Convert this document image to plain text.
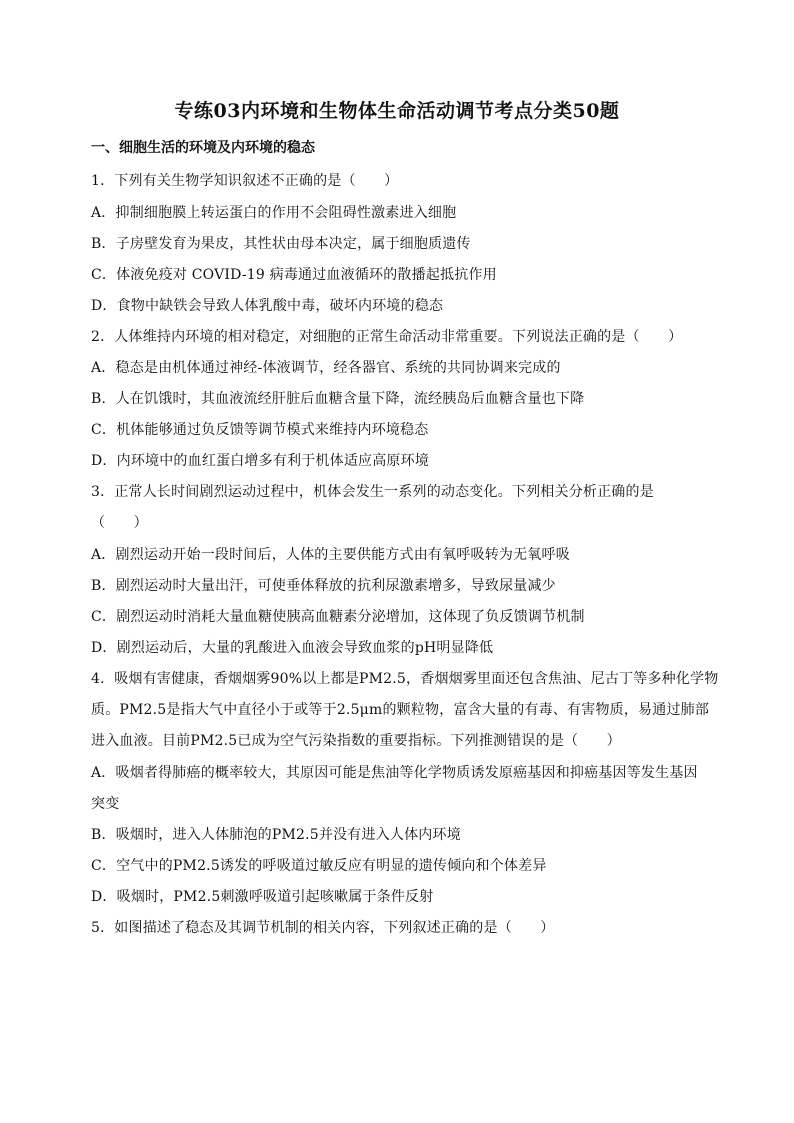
专练03内环境和生物体生命活动调节考点分类50题
一、细胞生活的环境及内环境的稳态
1．下列有关生物学知识叙述不正确的是（　　）
A．抑制细胞膜上转运蛋白的作用不会阻碍性激素进入细胞
B．子房壁发育为果皮，其性状由母本决定，属于细胞质遗传
C．体液免疫对 COVID-19 病毒通过血液循环的散播起抵抗作用
D．食物中缺铁会导致人体乳酸中毒，破坏内环境的稳态
2．人体维持内环境的相对稳定，对细胞的正常生命活动非常重要。下列说法正确的是（　　）
A．稳态是由机体通过神经-体液调节，经各器官、系统的共同协调来完成的
B．人在饥饿时，其血液流经肝脏后血糖含量下降，流经胰岛后血糖含量也下降
C．机体能够通过负反馈等调节模式来维持内环境稳态
D．内环境中的血红蛋白增多有利于机体适应高原环境
3．正常人长时间剧烈运动过程中，机体会发生一系列的动态变化。下列相关分析正确的是
（　　）
A．剧烈运动开始一段时间后，人体的主要供能方式由有氧呼吸转为无氧呼吸
B．剧烈运动时大量出汗，可使垂体释放的抗利尿激素增多，导致尿量减少
C．剧烈运动时消耗大量血糖使胰高血糖素分泌增加，这体现了负反馈调节机制
D．剧烈运动后，大量的乳酸进入血液会导致血浆的pH明显降低
4．吸烟有害健康，香烟烟雾90%以上都是PM2.5，香烟烟雾里面还包含焦油、尼古丁等多种化学物
质。PM2.5是指大气中直径小于或等于2.5μm的颗粒物，富含大量的有毒、有害物质，易通过肺部
进入血液。目前PM2.5已成为空气污染指数的重要指标。下列推测错误的是（　　）
A．吸烟者得肺癌的概率较大，其原因可能是焦油等化学物质诱发原癌基因和抑癌基因等发生基因
突变
B．吸烟时，进入人体肺泡的PM2.5并没有进入人体内环境
C．空气中的PM2.5诱发的呼吸道过敏反应有明显的遗传倾向和个体差异
D．吸烟时，PM2.5刺激呼吸道引起咳嗽属于条件反射
5．如图描述了稳态及其调节机制的相关内容，下列叙述正确的是（　　）
